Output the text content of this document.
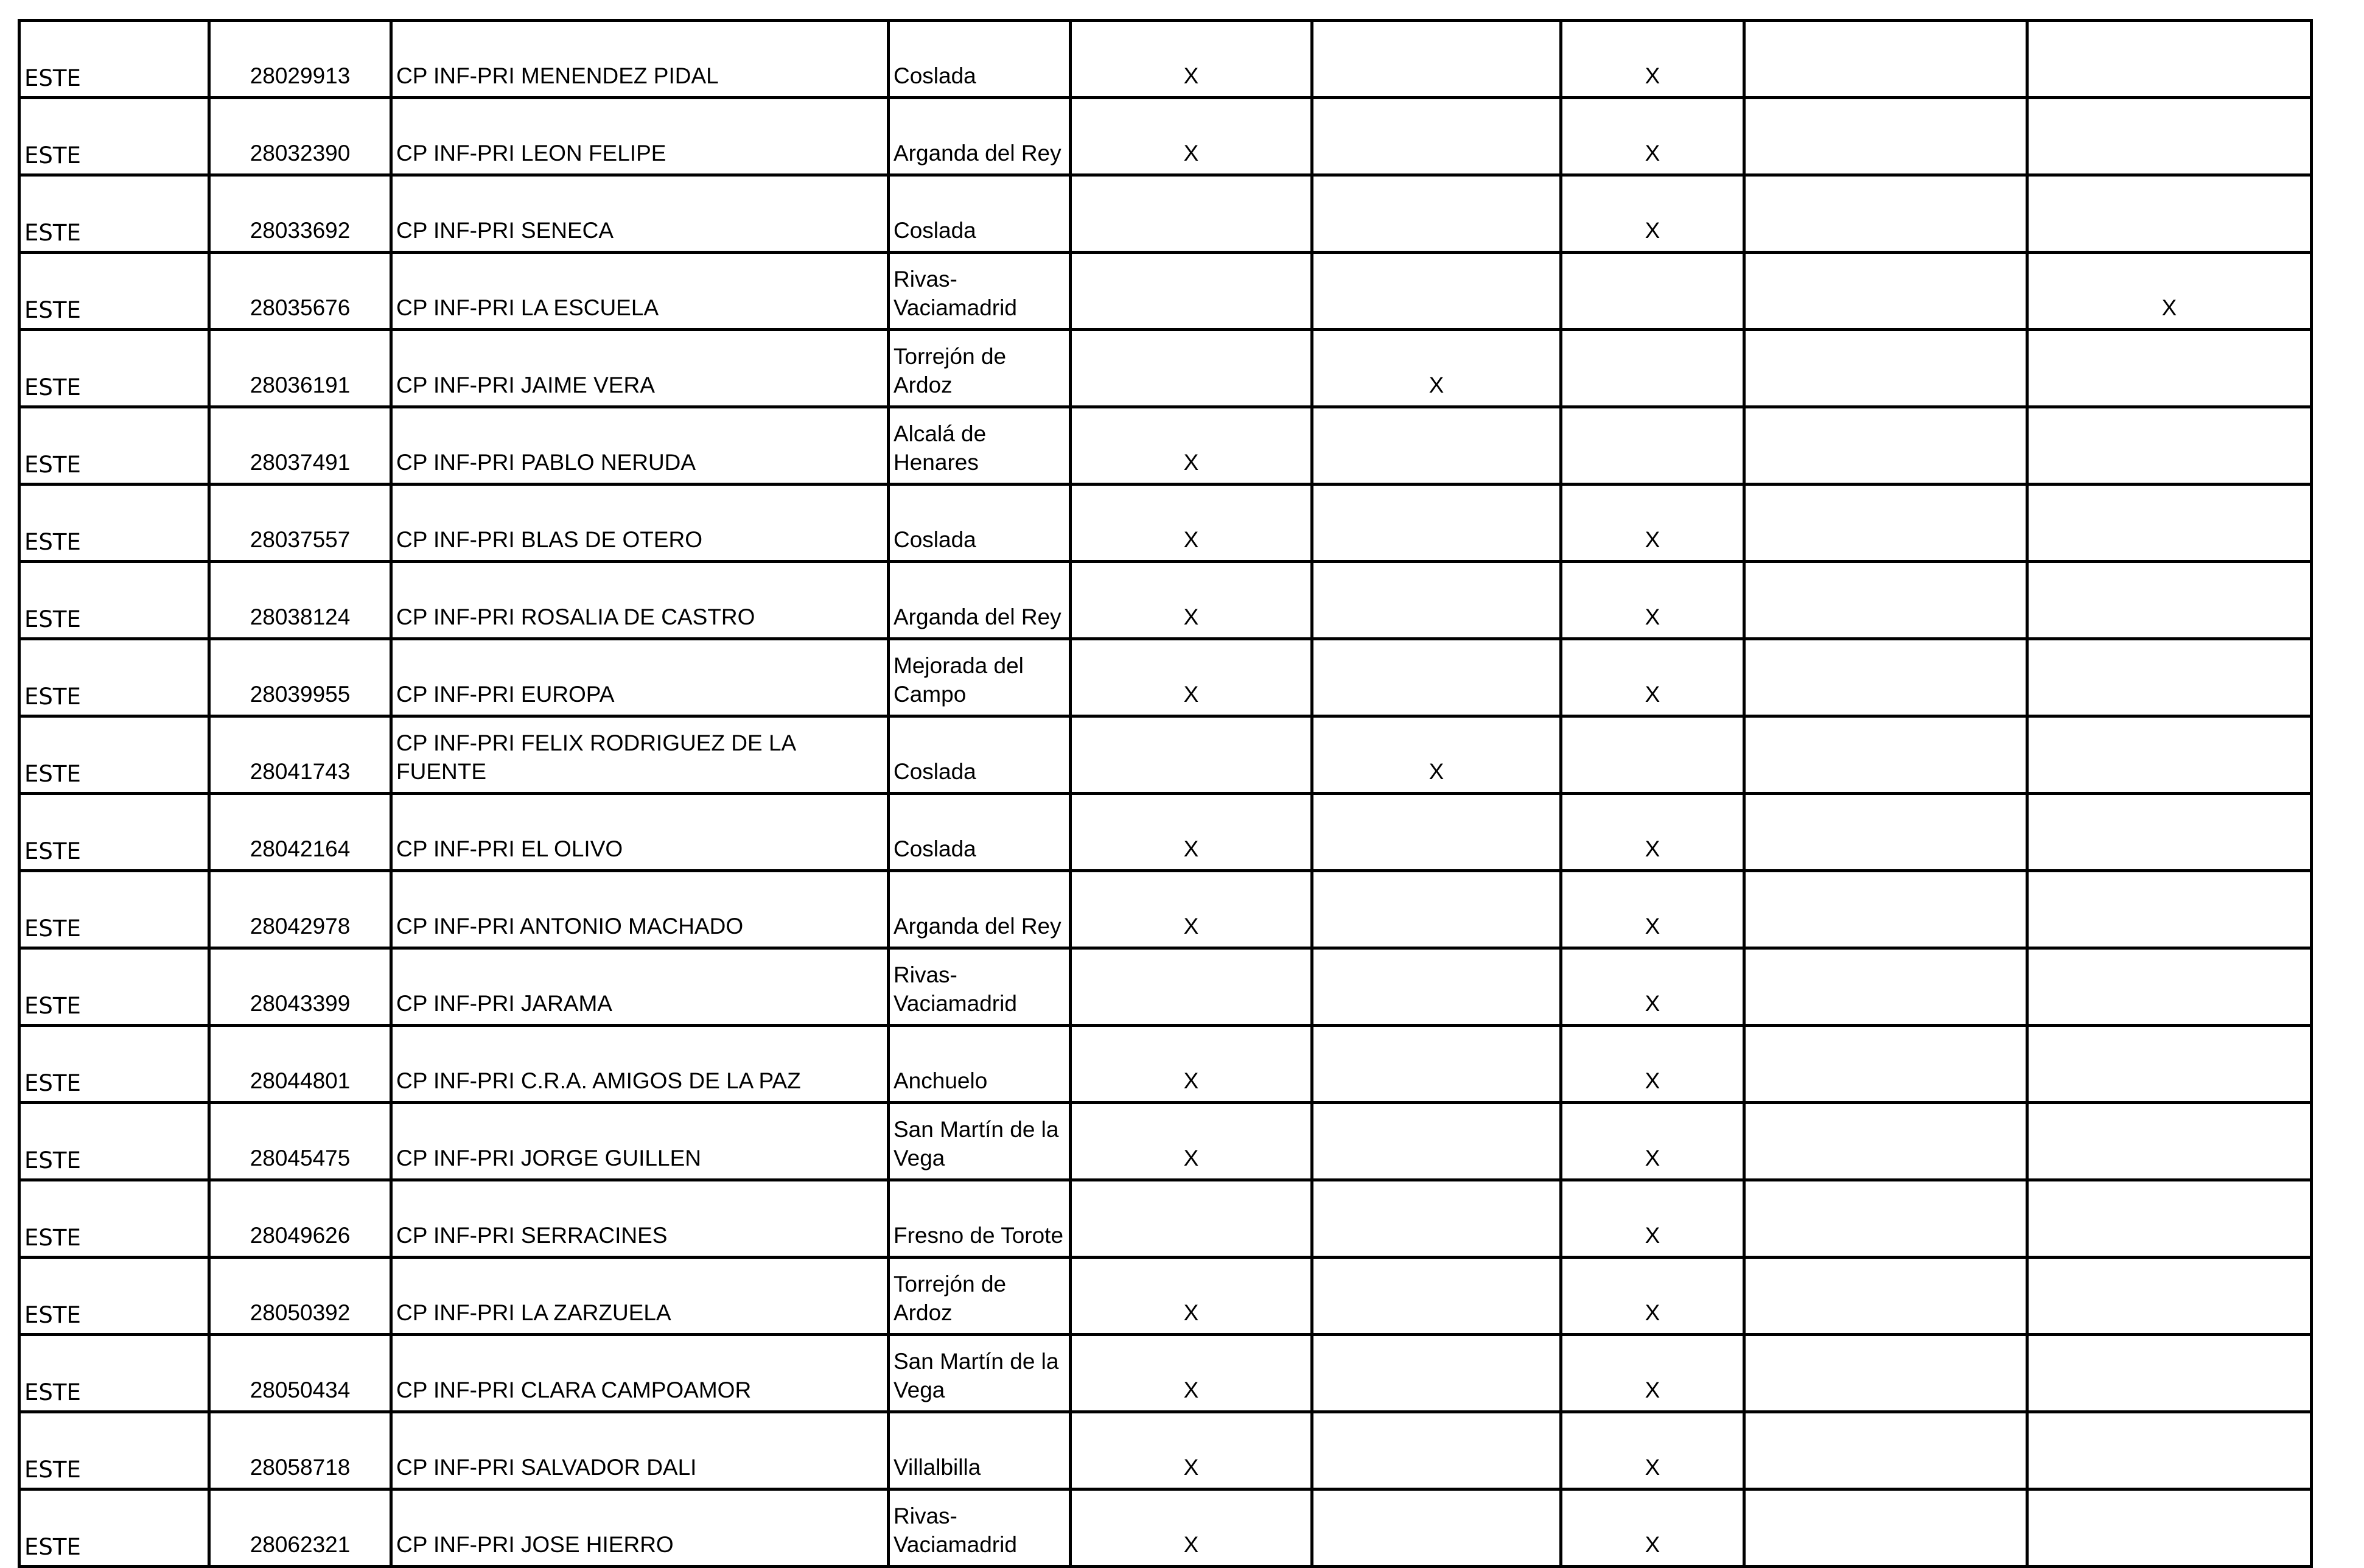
ESTE	28029913	CP INF-PRI MENENDEZ PIDAL	Coslada	X		X		
ESTE	28032390	CP INF-PRI LEON FELIPE	Arganda del Rey	X		X		
ESTE	28033692	CP INF-PRI SENECA	Coslada			X		
ESTE	28035676	CP INF-PRI LA ESCUELA	Rivas-Vaciamadrid					X
ESTE	28036191	CP INF-PRI JAIME VERA	Torrejón de Ardoz		X			
ESTE	28037491	CP INF-PRI PABLO NERUDA	Alcalá de Henares	X				
ESTE	28037557	CP INF-PRI BLAS DE OTERO	Coslada	X		X		
ESTE	28038124	CP INF-PRI ROSALIA DE CASTRO	Arganda del Rey	X		X		
ESTE	28039955	CP INF-PRI EUROPA	Mejorada del Campo	X		X		
ESTE	28041743	CP INF-PRI FELIX RODRIGUEZ DE LA FUENTE	Coslada		X			
ESTE	28042164	CP INF-PRI EL OLIVO	Coslada	X		X		
ESTE	28042978	CP INF-PRI ANTONIO MACHADO	Arganda del Rey	X		X		
ESTE	28043399	CP INF-PRI JARAMA	Rivas-Vaciamadrid			X		
ESTE	28044801	CP INF-PRI C.R.A. AMIGOS DE LA PAZ	Anchuelo	X		X		
ESTE	28045475	CP INF-PRI JORGE GUILLEN	San Martín de la Vega	X		X		
ESTE	28049626	CP INF-PRI SERRACINES	Fresno de Torote			X		
ESTE	28050392	CP INF-PRI LA ZARZUELA	Torrejón de Ardoz	X		X		
ESTE	28050434	CP INF-PRI CLARA CAMPOAMOR	San Martín de la Vega	X		X		
ESTE	28058718	CP INF-PRI SALVADOR DALI	Villalbilla	X		X		
ESTE	28062321	CP INF-PRI JOSE HIERRO	Rivas-Vaciamadrid	X		X		
